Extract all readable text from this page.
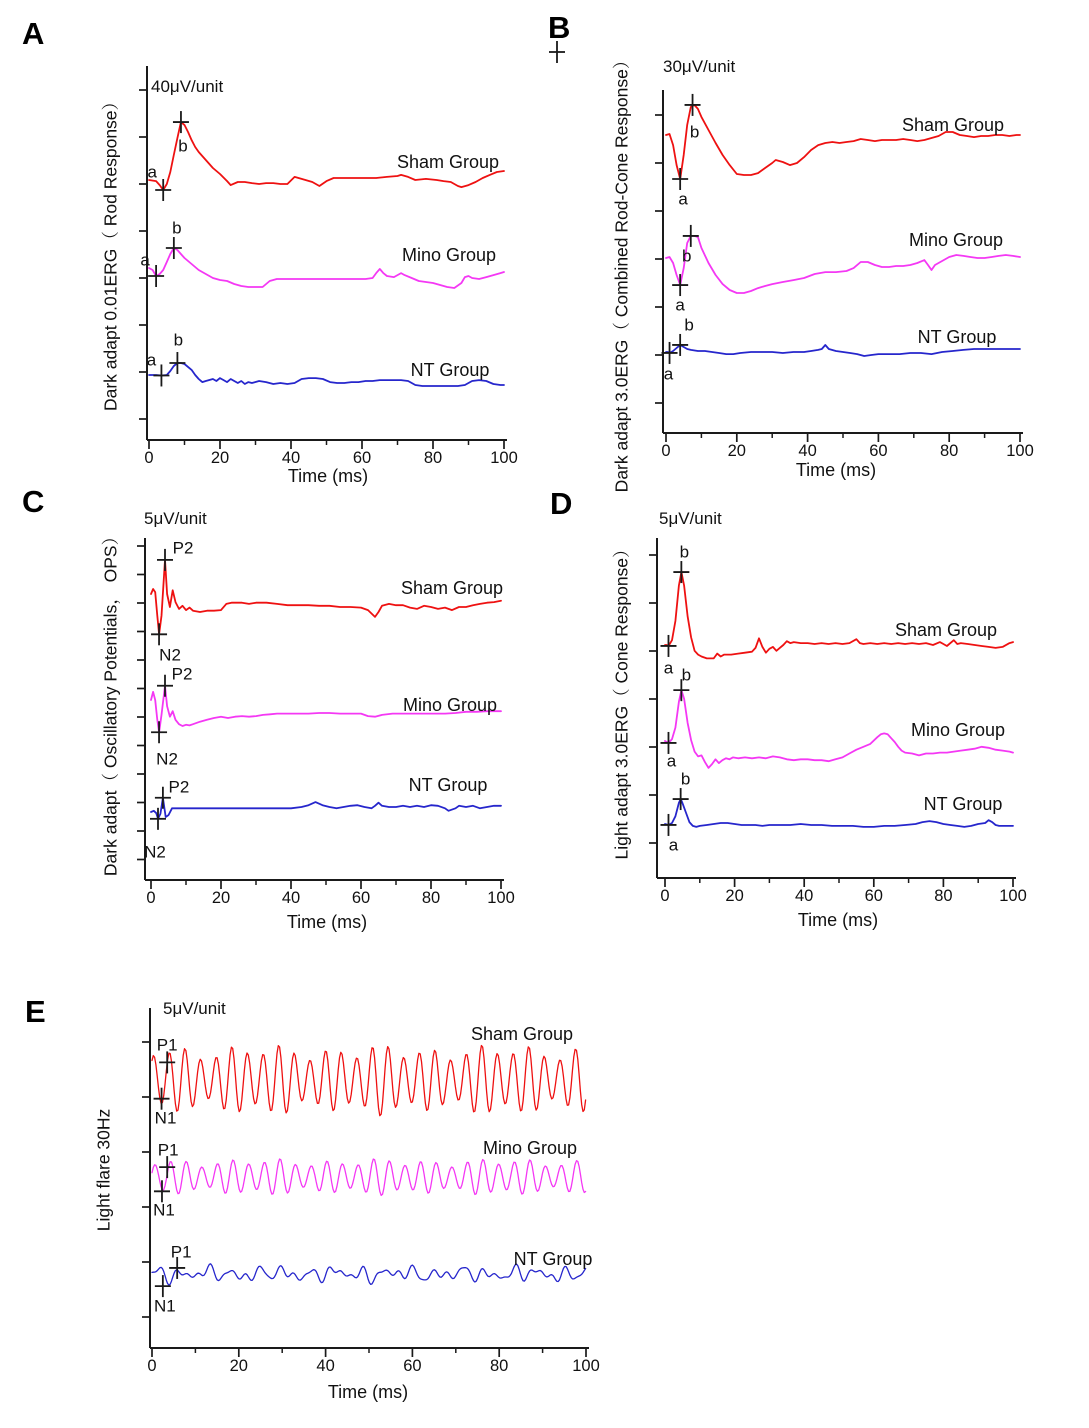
A
40μV/unit
Dark adapt 0.01ERG（ Rod Response）
Time (ms)
0	20	40	60	80	100
Sham Group
a
b
Mino Group
a
b
NT Group
a
b
B
30μV/unit
Dark adapt 3.0ERG（ Combined Rod-Cone Response）	Time (ms)
0	20	40	60	80	100
Sham Group
a
b
Mino Group
a
b
NT Group
a
b
C	5μV/unit
Dark adapt（ Oscillatory Potentials， OPS）
Time (ms)
0	20	40	60	80	100
Sham Group
N2
P2
Mino Group
N2
P2
NT Group
N2
P2
D	5μV/unit
Light adapt 3.0ERG（ Cone Response）
Time (ms)
0	20	40	60	80	100
Sham Group
a
b
Mino Group
a
b
NT Group
a
b
E	5μV/unit
Light flare 30Hz
Time (ms)
0	20	40	60	80	100
Sham Group
N1
P1
Mino Group
N1
P1
NT Group
N1
P1
